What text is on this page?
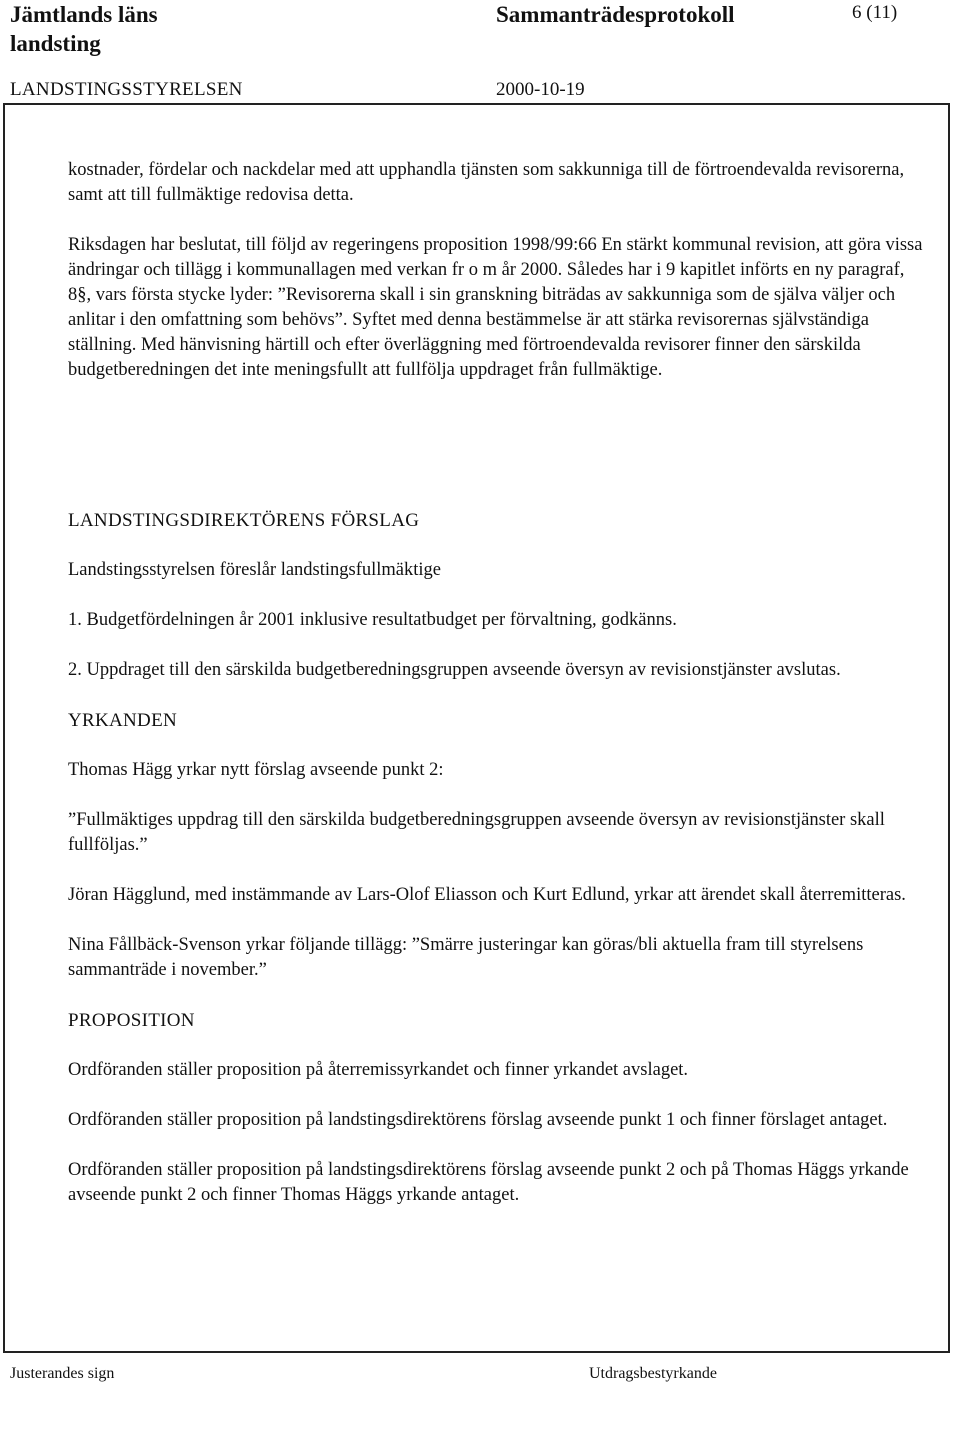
Jämtlands läns landsting
Sammanträdesprotokoll	6 (11)
LANDSTINGSSTYRELSEN	2000-10-19

kostnader, fördelar och nackdelar med att upphandla tjänsten som sakkunniga till de förtroendevalda revisorerna, samt att till fullmäktige redovisa detta.

Riksdagen har beslutat, till följd av regeringens proposition 1998/99:66 En stärkt kommunal revision, att göra vissa ändringar och tillägg i kommunallagen med verkan fr o m år 2000. Således har i 9 kapitlet införts en ny paragraf, 8§, vars första stycke lyder: ”Revisorerna skall i sin granskning biträdas av sakkunniga som de själva väljer och anlitar i den omfattning som behövs”. Syftet med denna bestämmelse är att stärka revisorernas självständiga ställning. Med hänvisning härtill och efter överläggning med förtroendevalda revisorer finner den särskilda budgetberedningen det inte meningsfullt att fullfölja uppdraget från fullmäktige.

LANDSTINGSDIREKTÖRENS FÖRSLAG

Landstingsstyrelsen föreslår landstingsfullmäktige

1. Budgetfördelningen år 2001 inklusive resultatbudget per förvaltning, godkänns.

2. Uppdraget till den särskilda budgetberedningsgruppen avseende översyn av revisionstjänster avslutas.

YRKANDEN

Thomas Hägg yrkar nytt förslag avseende punkt 2:

”Fullmäktiges uppdrag till den särskilda budgetberedningsgruppen avseende översyn av revisionstjänster skall fullföljas.”

Jöran Hägglund, med instämmande av Lars-Olof Eliasson och Kurt Edlund, yrkar att ärendet skall återremitteras.

Nina Fållbäck-Svenson yrkar följande tillägg: ”Smärre justeringar kan göras/bli aktuella fram till styrelsens sammanträde i november.”

PROPOSITION

Ordföranden ställer proposition på återremissyrkandet och finner yrkandet avslaget.

Ordföranden ställer proposition på landstingsdirektörens förslag avseende punkt 1 och finner förslaget antaget.

Ordföranden ställer proposition på landstingsdirektörens förslag avseende punkt 2 och på Thomas Häggs yrkande avseende punkt 2 och finner Thomas Häggs yrkande antaget.

Justerandes sign	Utdragsbestyrkande
